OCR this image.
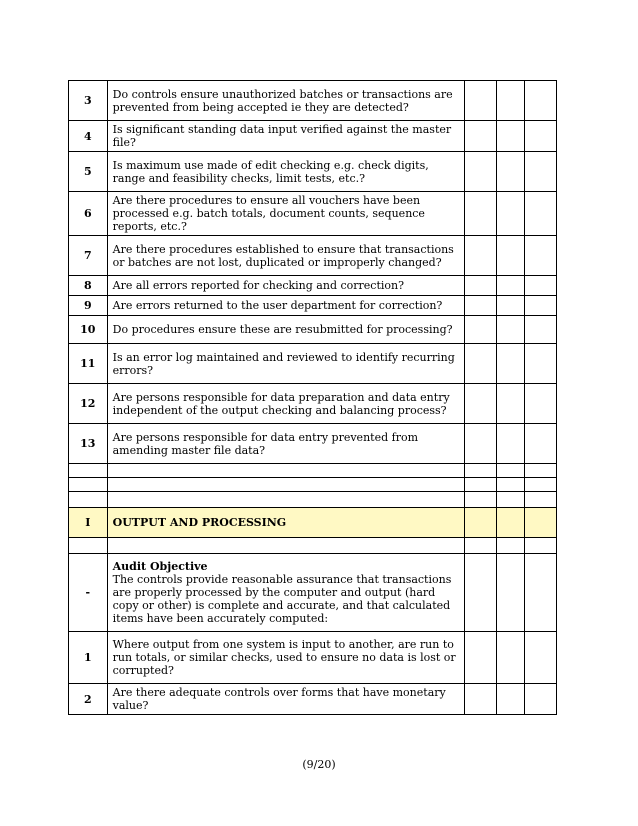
3	Do controls ensure unauthorized batches or transactions are prevented from being accepted ie they are detected?			
4	Is significant standing data input verified against the master file?			
5	Is maximum use made of edit checking e.g. check digits, range and feasibility checks, limit tests, etc.?			
6	Are there procedures to ensure all vouchers have been processed e.g. batch totals, document counts, sequence reports, etc.?			
7	Are there procedures established to ensure that transactions or batches are not lost, duplicated or improperly changed?			
8	Are all errors reported for checking and correction?			
9	Are errors returned to the user department for correction?			
10	Do procedures ensure these are resubmitted for processing?			
11	Is an error log maintained and reviewed to identify recurring errors?			
12	Are persons responsible for data preparation and data entry independent of the output checking and balancing process?			
13	Are persons responsible for data entry prevented from amending master file data?			

I	OUTPUT AND PROCESSING			

-	Audit Objective
The controls provide reasonable assurance that transactions are properly processed by the computer and output (hard copy or other) is complete and accurate, and that calculated items have been accurately computed:			
1	Where output from one system is input to another, are run to run totals, or similar checks, used to ensure no data is lost or corrupted?			
2	Are there adequate controls over forms that have monetary value?			
(9/20)
